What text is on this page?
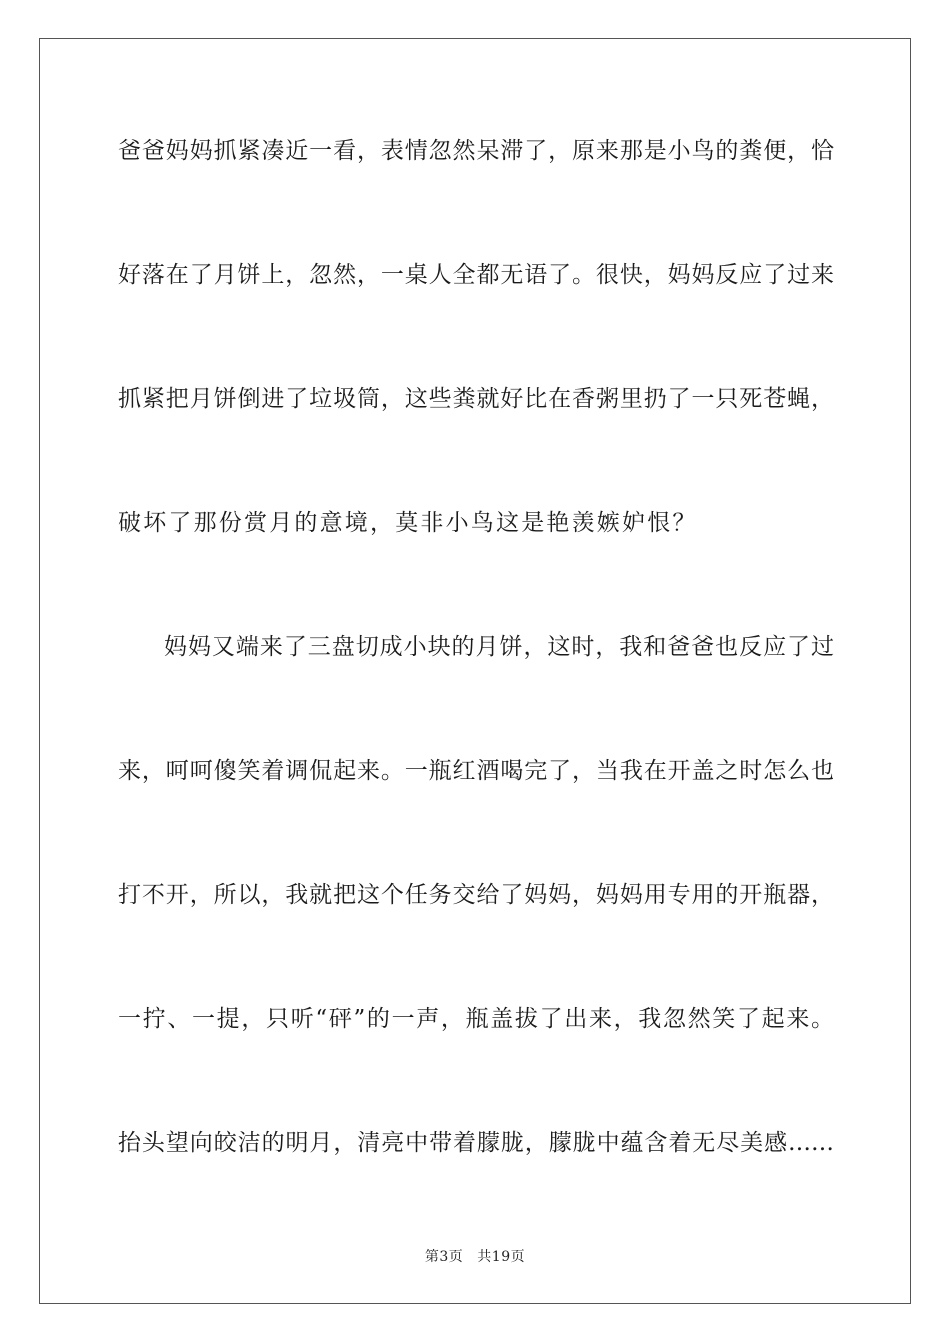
爸爸妈妈抓紧凑近一看，表情忽然呆滞了，原来那是小鸟的粪便，恰
好落在了月饼上，忽然，一桌人全都无语了。很快，妈妈反应了过来
抓紧把月饼倒进了垃圾筒，这些粪就好比在香粥里扔了一只死苍蝇，
破坏了那份赏月的意境，莫非小鸟这是艳羡嫉妒恨？
妈妈又端来了三盘切成小块的月饼，这时，我和爸爸也反应了过
来，呵呵傻笑着调侃起来。一瓶红酒喝完了，当我在开盖之时怎么也
打不开，所以，我就把这个任务交给了妈妈，妈妈用专用的开瓶器，
一拧、一提，只听“砰”的一声，瓶盖拔了出来，我忽然笑了起来。
抬头望向皎洁的明月，清亮中带着朦胧，朦胧中蕴含着无尽美感……
第3页 共19页
